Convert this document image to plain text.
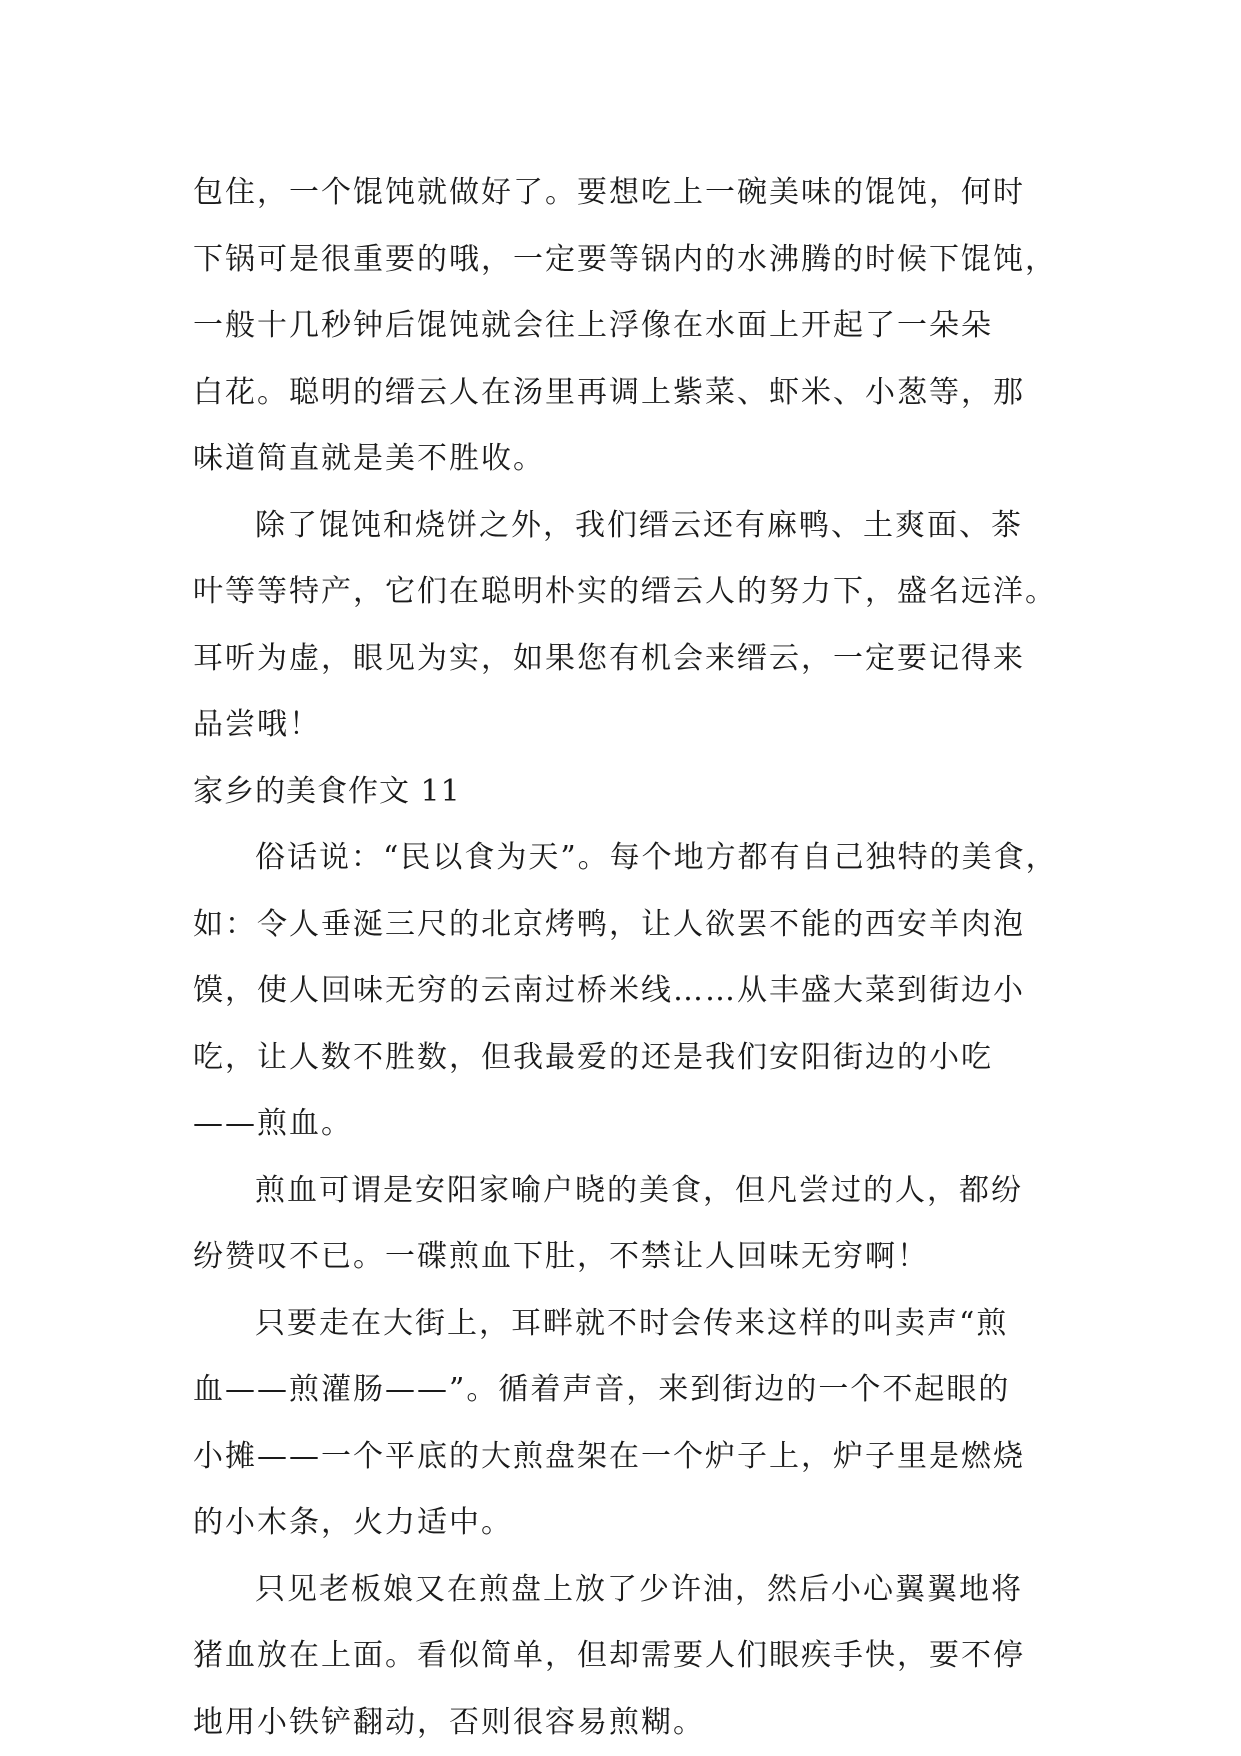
包住，一个馄饨就做好了。要想吃上一碗美味的馄饨，何时
下锅可是很重要的哦，一定要等锅内的水沸腾的时候下馄饨，
一般十几秒钟后馄饨就会往上浮像在水面上开起了一朵朵
白花。聪明的缙云人在汤里再调上紫菜、虾米、小葱等，那
味道简直就是美不胜收。
除了馄饨和烧饼之外，我们缙云还有麻鸭、土爽面、茶
叶等等特产，它们在聪明朴实的缙云人的努力下，盛名远洋。
耳听为虚，眼见为实，如果您有机会来缙云，一定要记得来
品尝哦！
家乡的美食作文 11
俗话说：“民以食为天”。每个地方都有自己独特的美食，
如：令人垂涎三尺的北京烤鸭，让人欲罢不能的西安羊肉泡
馍，使人回味无穷的云南过桥米线……从丰盛大菜到街边小
吃，让人数不胜数，但我最爱的还是我们安阳街边的小吃
——煎血。
煎血可谓是安阳家喻户晓的美食，但凡尝过的人，都纷
纷赞叹不已。一碟煎血下肚，不禁让人回味无穷啊！
只要走在大街上，耳畔就不时会传来这样的叫卖声“煎
血——煎灌肠——”。循着声音，来到街边的一个不起眼的
小摊——一个平底的大煎盘架在一个炉子上，炉子里是燃烧
的小木条，火力适中。
只见老板娘又在煎盘上放了少许油，然后小心翼翼地将
猪血放在上面。看似简单，但却需要人们眼疾手快，要不停
地用小铁铲翻动，否则很容易煎糊。
